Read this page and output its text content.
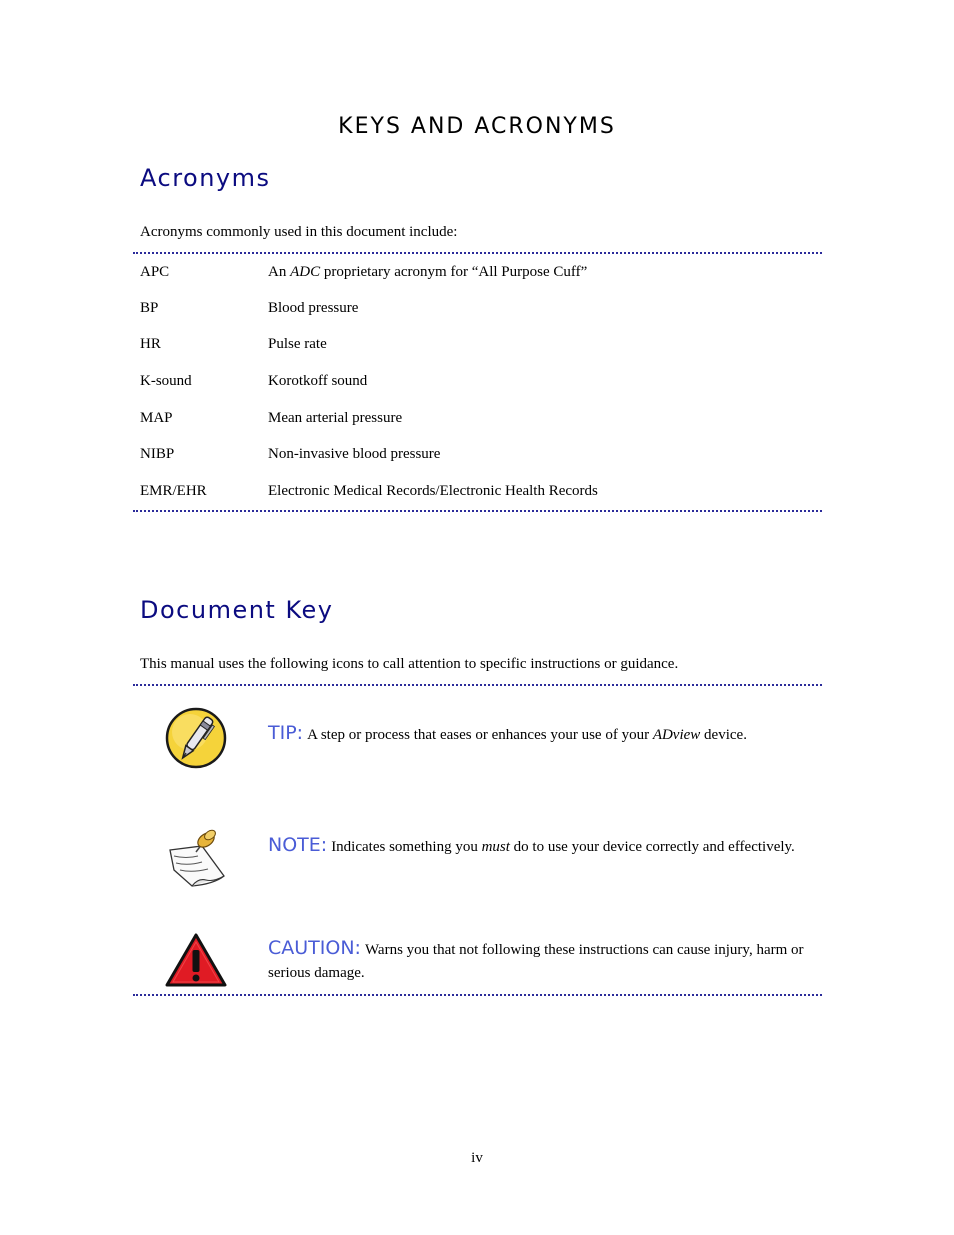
KEYS AND ACRONYMS
Acronyms
Acronyms commonly used in this document include:
APC	An ADC proprietary acronym for “All Purpose Cuff”
BP	Blood pressure
HR	Pulse rate
K-sound	Korotkoff sound
MAP	Mean arterial pressure
NIBP	Non-invasive blood pressure
EMR/EHR	Electronic Medical Records/Electronic Health Records
Document Key
This manual uses the following icons to call attention to specific instructions or guidance.
TIP: A step or process that eases or enhances your use of your ADview device.
NOTE: Indicates something you must do to use your device correctly and effectively.
CAUTION: Warns you that not following these instructions can cause injury, harm or serious damage.
iv
